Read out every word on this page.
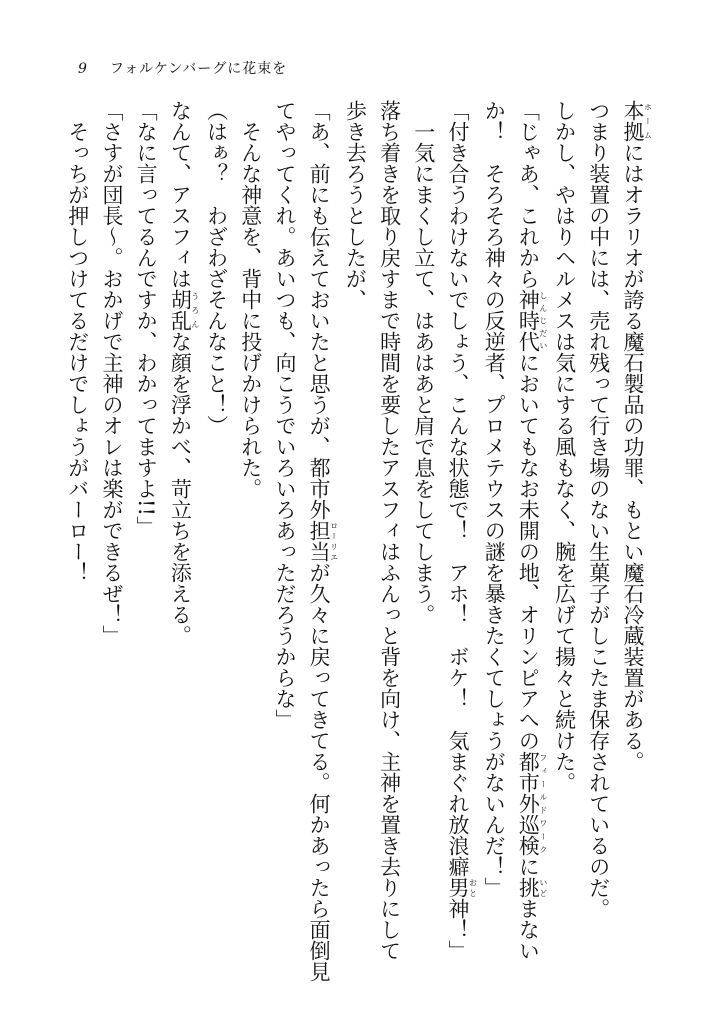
9 フォルケンバーグに花束を
本拠ホームにはオラリオが誇る魔石製品の功罪、もとい魔石冷蔵装置がある。
つまり装置の中には、売れ残って行き場のない生菓子がしこたま保存されているのだ。
しかし、やはりヘルメスは気にする風もなく、腕を広げて揚々と続けた。
「じゃあ、これから神時代しんじだいにおいてもなお未開の地、オリンピアへの都市外巡検フィールドワークに挑いどまない
か！　そろそろ神々の反逆者、プロメテウスの謎を暴きたくてしょうがないんだ！」
「付き合うわけないでしょう、こんな状態で！　アホ！　ボケ！　気まぐれ放浪癖男おと神！」
一気にまくし立て、はあはあと肩で息をしてしまう。
落ち着きを取り戻すまで時間を要したアスフィはふんっと背を向け、主神を置き去りにして
歩き去ろうとしたが、
「あ、前にも伝えておいたと思うが、都市外担当ローリエが久々に戻ってきてる。何かあったら面倒見
てやってくれ。あいつも、向こうでいろいろあっただろうからな」
そんな神意を、背中に投げかけられた。
（はぁ？　わざわざそんなこと！）
なんて、アスフィは胡乱うろんな顔を浮かべ、苛立ちを添える。
「なに言ってるんですか、わかってますよ!!」
「さすが団長～。おかげで主神のオレは楽ができるぜ！」
そっちが押しつけてるだけでしょうがバーロー！
